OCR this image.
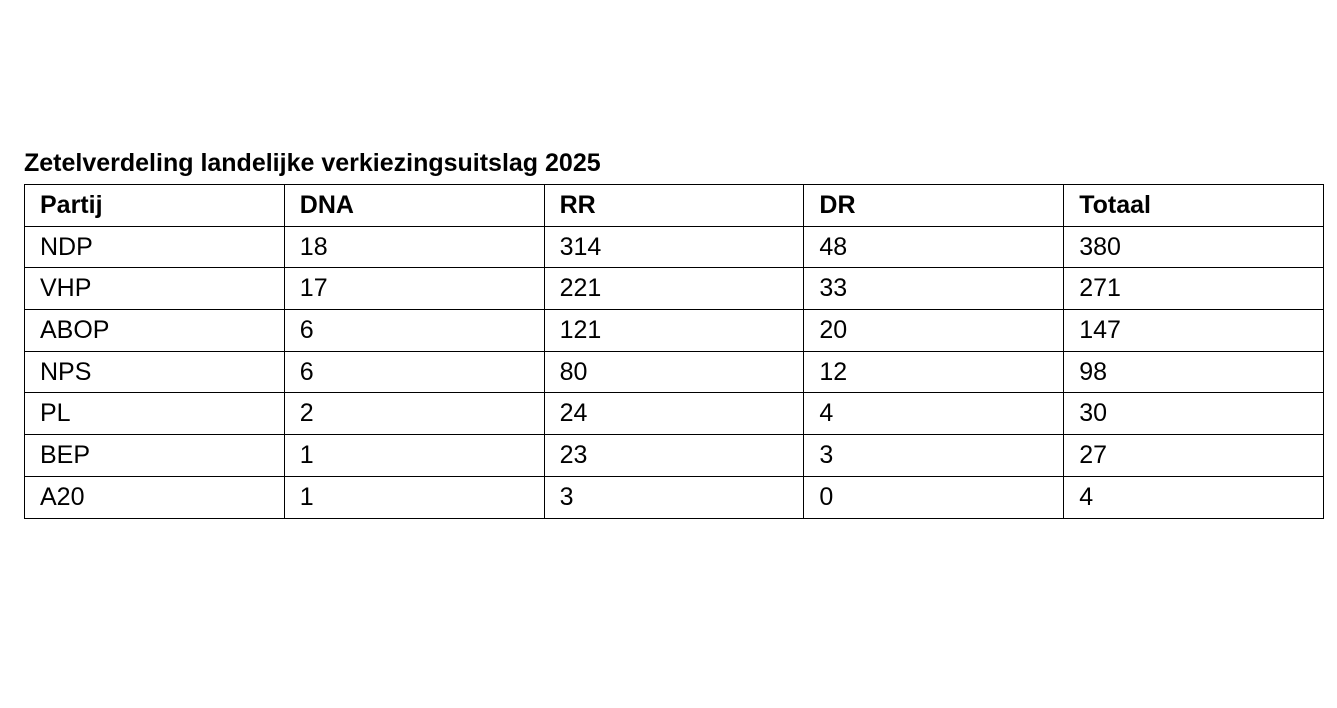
Zetelverdeling landelijke verkiezingsuitslag 2025
Partij	DNA	RR	DR	Totaal
NDP	18	314	48	380
VHP	17	221	33	271
ABOP	6	121	20	147
NPS	6	80	12	98
PL	2	24	4	30
BEP	1	23	3	27
A20	1	3	0	4
